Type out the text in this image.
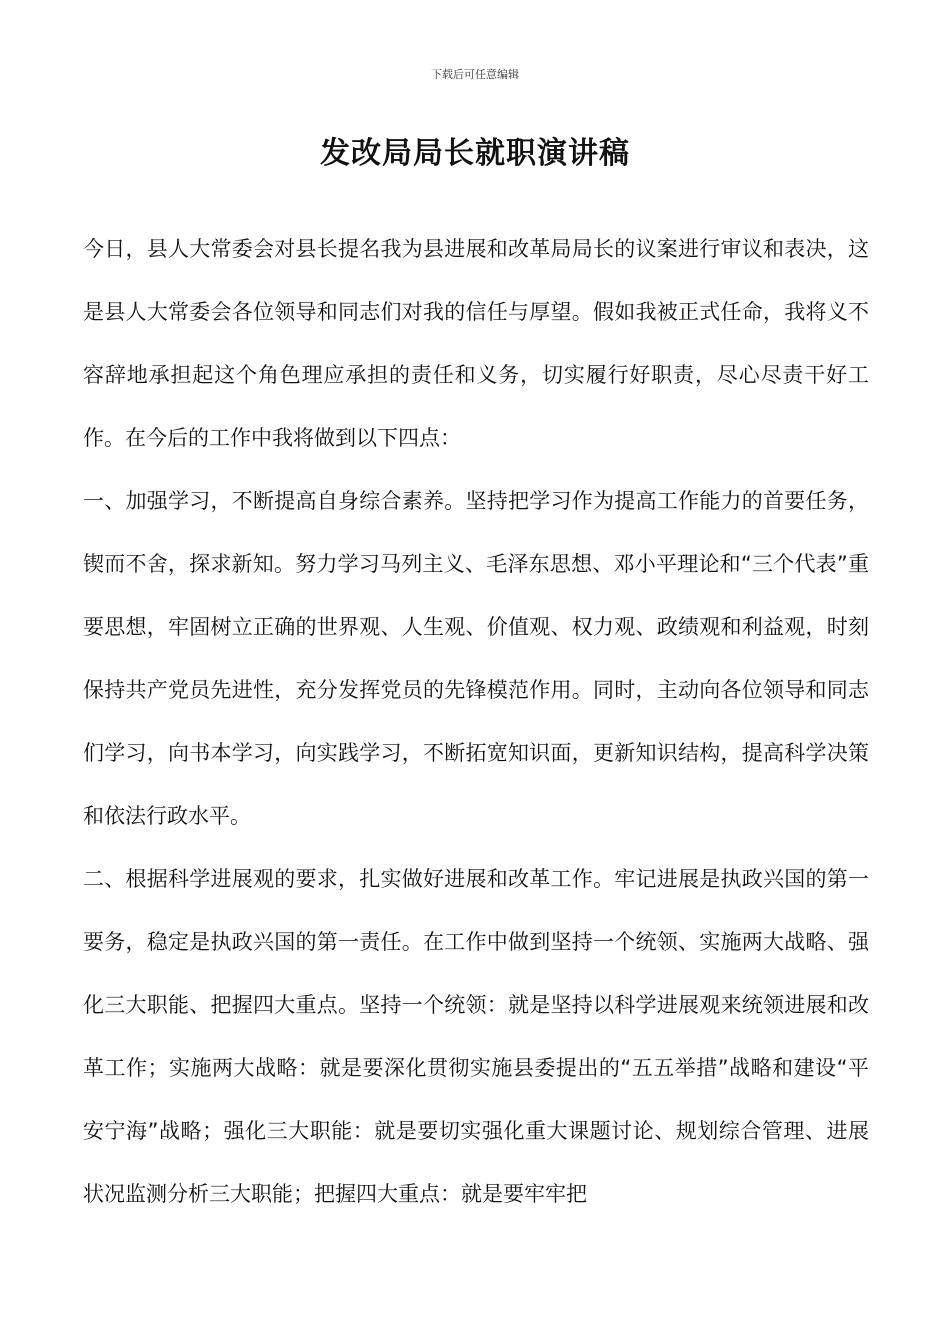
下载后可任意编辑
发改局局长就职演讲稿

今日，县人大常委会对县长提名我为县进展和改革局局长的议案进行审议和表决，这是县人大常委会各位领导和同志们对我的信任与厚望。假如我被正式任命，我将义不容辞地承担起这个角色理应承担的责任和义务，切实履行好职责，尽心尽责干好工作。在今后的工作中我将做到以下四点：

一、加强学习，不断提高自身综合素养。坚持把学习作为提高工作能力的首要任务，锲而不舍，探求新知。努力学习马列主义、毛泽东思想、邓小平理论和“三个代表”重要思想，牢固树立正确的世界观、人生观、价值观、权力观、政绩观和利益观，时刻保持共产党员先进性，充分发挥党员的先锋模范作用。同时，主动向各位领导和同志们学习，向书本学习，向实践学习，不断拓宽知识面，更新知识结构，提高科学决策和依法行政水平。

二、根据科学进展观的要求，扎实做好进展和改革工作。牢记进展是执政兴国的第一要务，稳定是执政兴国的第一责任。在工作中做到坚持一个统领、实施两大战略、强化三大职能、把握四大重点。坚持一个统领：就是坚持以科学进展观来统领进展和改革工作；实施两大战略：就是要深化贯彻实施县委提出的“五五举措”战略和建设“平安宁海”战略；强化三大职能：就是要切实强化重大课题讨论、规划综合管理、进展状况监测分析三大职能；把握四大重点：就是要牢牢把
